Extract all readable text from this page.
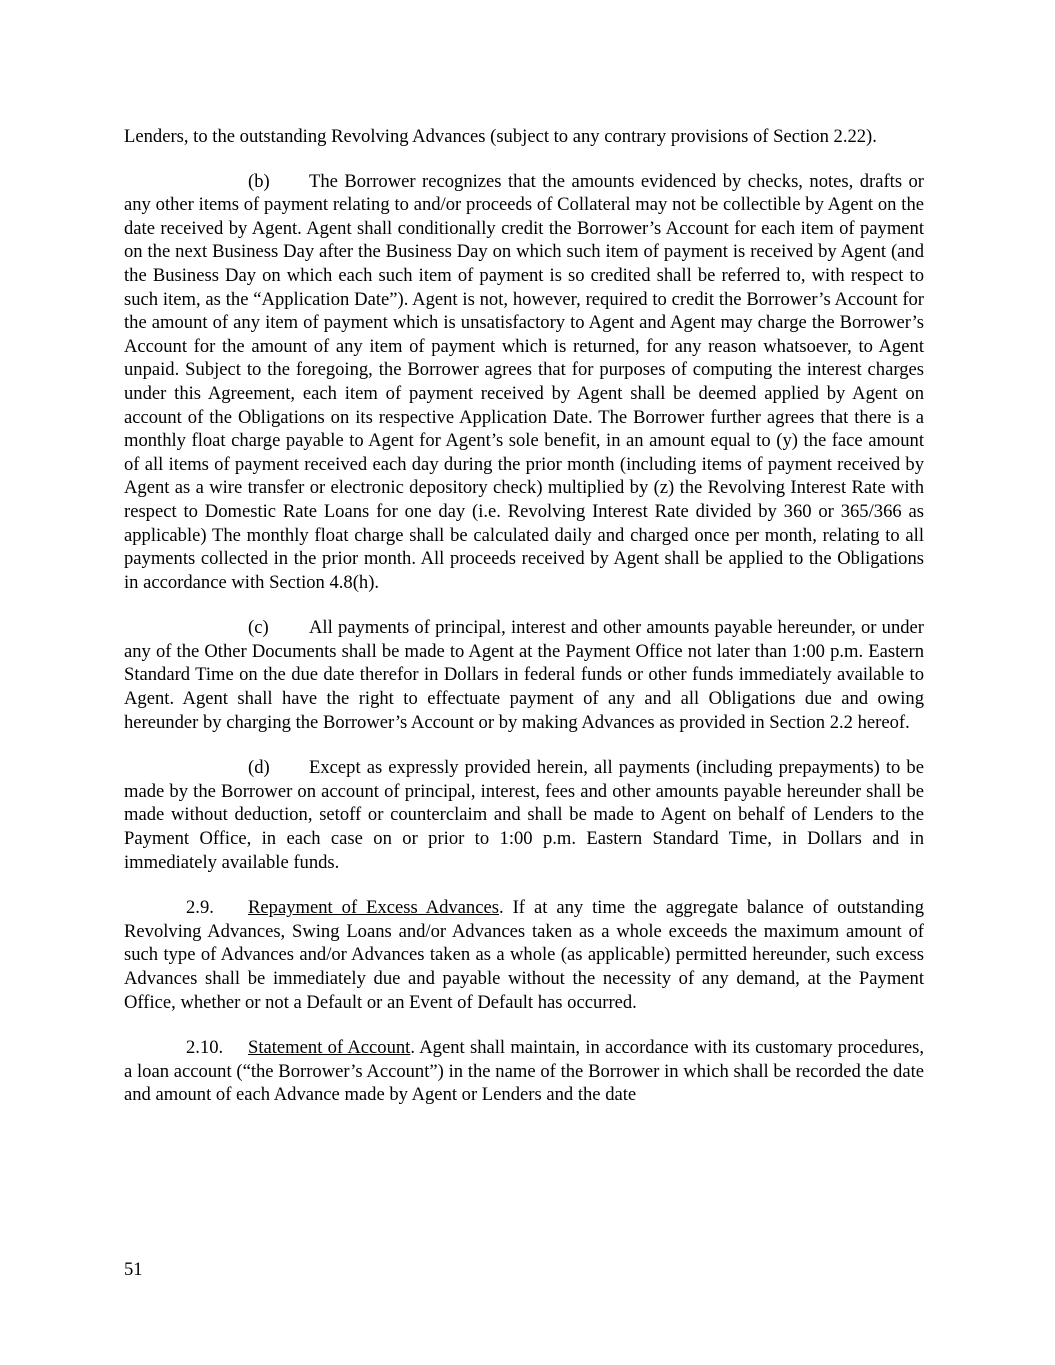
Lenders, to the outstanding Revolving Advances (subject to any contrary provisions of Section 2.22).

(b) The Borrower recognizes that the amounts evidenced by checks, notes, drafts or any other items of payment relating to and/or proceeds of Collateral may not be collectible by Agent on the date received by Agent. Agent shall conditionally credit the Borrower’s Account for each item of payment on the next Business Day after the Business Day on which such item of payment is received by Agent (and the Business Day on which each such item of payment is so credited shall be referred to, with respect to such item, as the “Application Date”). Agent is not, however, required to credit the Borrower’s Account for the amount of any item of payment which is unsatisfactory to Agent and Agent may charge the Borrower’s Account for the amount of any item of payment which is returned, for any reason whatsoever, to Agent unpaid. Subject to the foregoing, the Borrower agrees that for purposes of computing the interest charges under this Agreement, each item of payment received by Agent shall be deemed applied by Agent on account of the Obligations on its respective Application Date. The Borrower further agrees that there is a monthly float charge payable to Agent for Agent’s sole benefit, in an amount equal to (y) the face amount of all items of payment received each day during the prior month (including items of payment received by Agent as a wire transfer or electronic depository check) multiplied by (z) the Revolving Interest Rate with respect to Domestic Rate Loans for one day (i.e. Revolving Interest Rate divided by 360 or 365/366 as applicable) The monthly float charge shall be calculated daily and charged once per month, relating to all payments collected in the prior month. All proceeds received by Agent shall be applied to the Obligations in accordance with Section 4.8(h).

(c) All payments of principal, interest and other amounts payable hereunder, or under any of the Other Documents shall be made to Agent at the Payment Office not later than 1:00 p.m. Eastern Standard Time on the due date therefor in Dollars in federal funds or other funds immediately available to Agent. Agent shall have the right to effectuate payment of any and all Obligations due and owing hereunder by charging the Borrower’s Account or by making Advances as provided in Section 2.2 hereof.

(d) Except as expressly provided herein, all payments (including prepayments) to be made by the Borrower on account of principal, interest, fees and other amounts payable hereunder shall be made without deduction, setoff or counterclaim and shall be made to Agent on behalf of Lenders to the Payment Office, in each case on or prior to 1:00 p.m. Eastern Standard Time, in Dollars and in immediately available funds.

2.9. Repayment of Excess Advances. If at any time the aggregate balance of outstanding Revolving Advances, Swing Loans and/or Advances taken as a whole exceeds the maximum amount of such type of Advances and/or Advances taken as a whole (as applicable) permitted hereunder, such excess Advances shall be immediately due and payable without the necessity of any demand, at the Payment Office, whether or not a Default or an Event of Default has occurred.

2.10. Statement of Account. Agent shall maintain, in accordance with its customary procedures, a loan account (“the Borrower’s Account”) in the name of the Borrower in which shall be recorded the date and amount of each Advance made by Agent or Lenders and the date

51
